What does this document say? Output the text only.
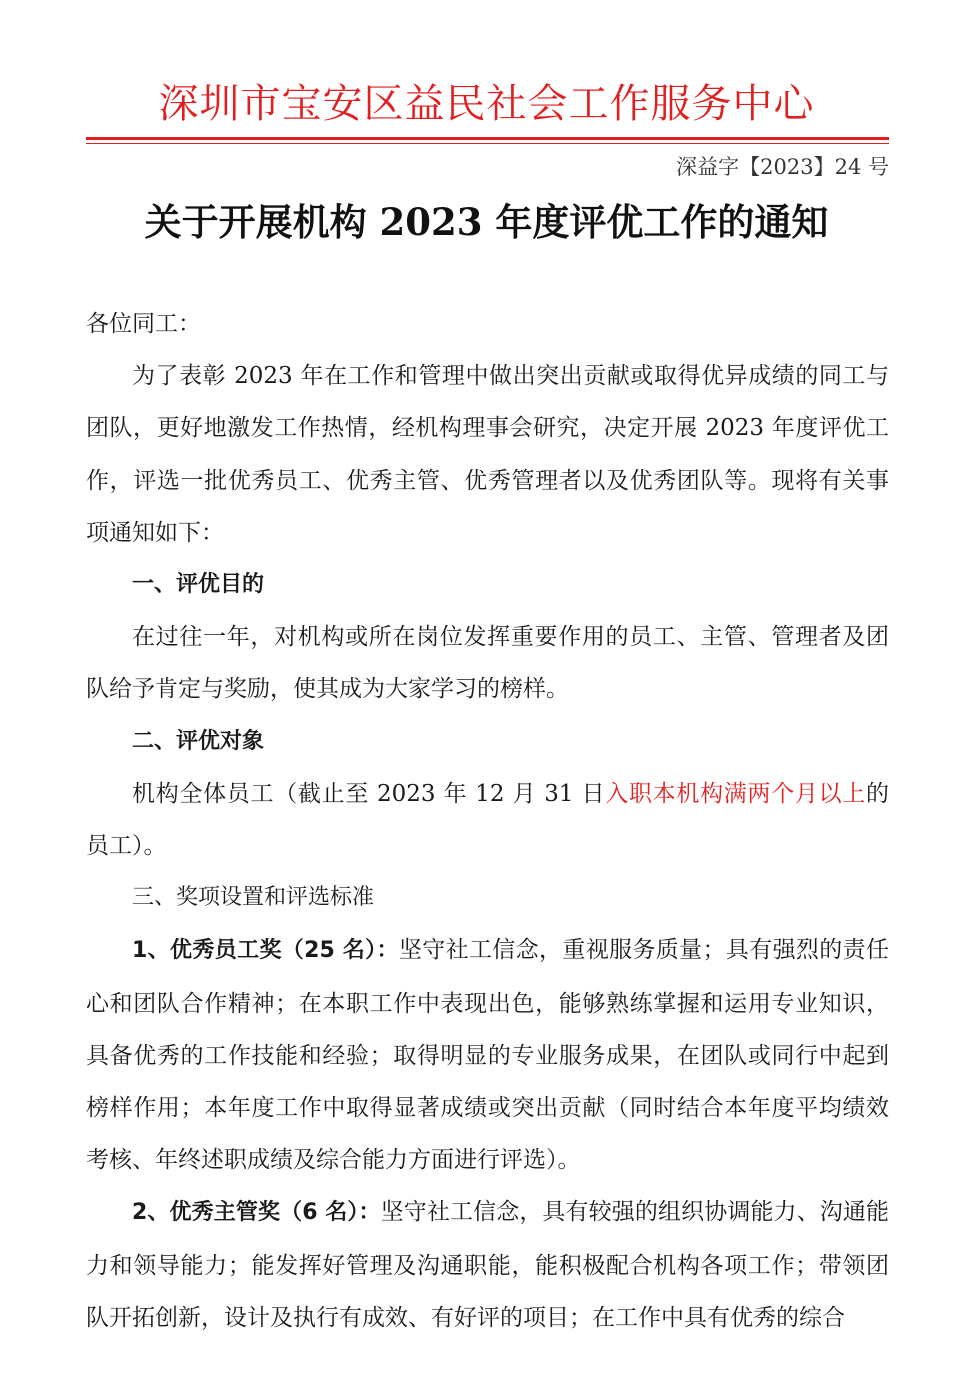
深圳市宝安区益民社会工作服务中心
深益字【2023】24 号
关于开展机构 2023 年度评优工作的通知

各位同工：

为了表彰 2023 年在工作和管理中做出突出贡献或取得优异成绩的同工与团队，更好地激发工作热情，经机构理事会研究，决定开展 2023 年度评优工作，评选一批优秀员工、优秀主管、优秀管理者以及优秀团队等。现将有关事项通知如下：

一、评优目的

在过往一年，对机构或所在岗位发挥重要作用的员工、主管、管理者及团队给予肯定与奖励，使其成为大家学习的榜样。

二、评优对象

机构全体员工（截止至 2023 年 12 月 31 日入职本机构满两个月以上的员工）。

三、奖项设置和评选标准

1、优秀员工奖（25 名）：坚守社工信念，重视服务质量；具有强烈的责任心和团队合作精神；在本职工作中表现出色，能够熟练掌握和运用专业知识，具备优秀的工作技能和经验；取得明显的专业服务成果，在团队或同行中起到榜样作用；本年度工作中取得显著成绩或突出贡献（同时结合本年度平均绩效考核、年终述职成绩及综合能力方面进行评选）。

2、优秀主管奖（6 名）：坚守社工信念，具有较强的组织协调能力、沟通能力和领导能力；能发挥好管理及沟通职能，能积极配合机构各项工作；带领团队开拓创新，设计及执行有成效、有好评的项目；在工作中具有优秀的综合
